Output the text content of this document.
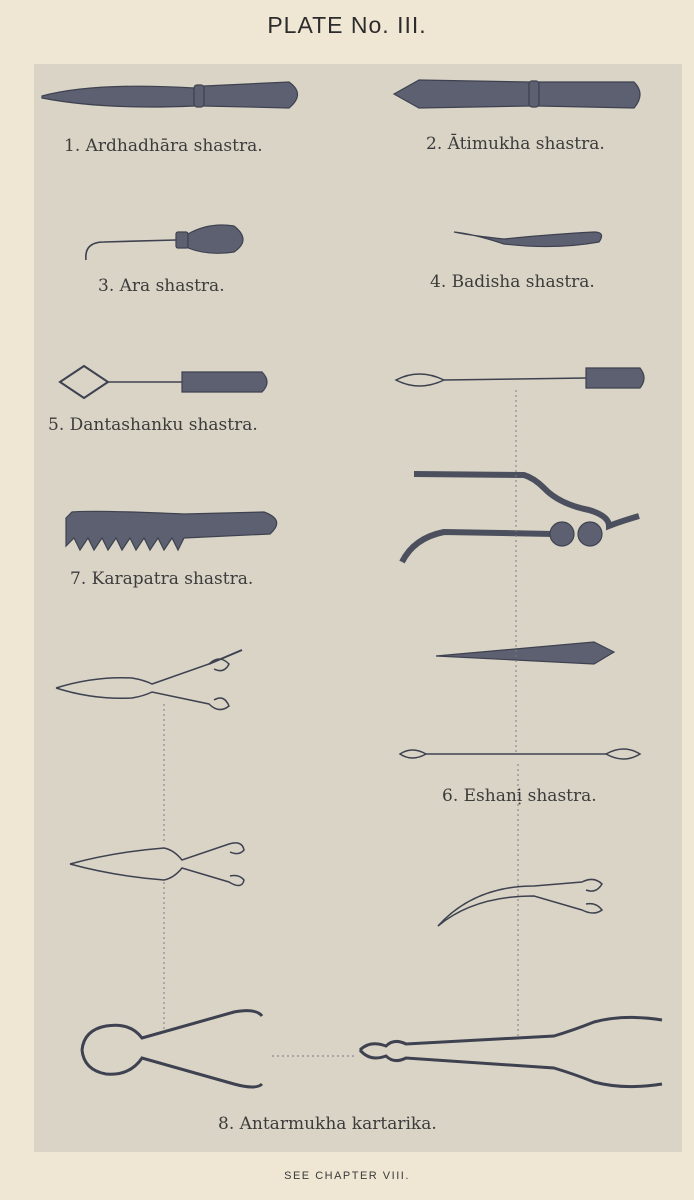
PLATE No. III.
1. Ardhadhāra shastra.	2. Ātimukha shastra.
3. Ara shastra.	4. Badisha shastra.
5. Dantashanku shastra.
7. Karapatra shastra.
6. Eshanị shastra.
8. Antarmukha kartarika.
SEE CHAPTER VIII.
